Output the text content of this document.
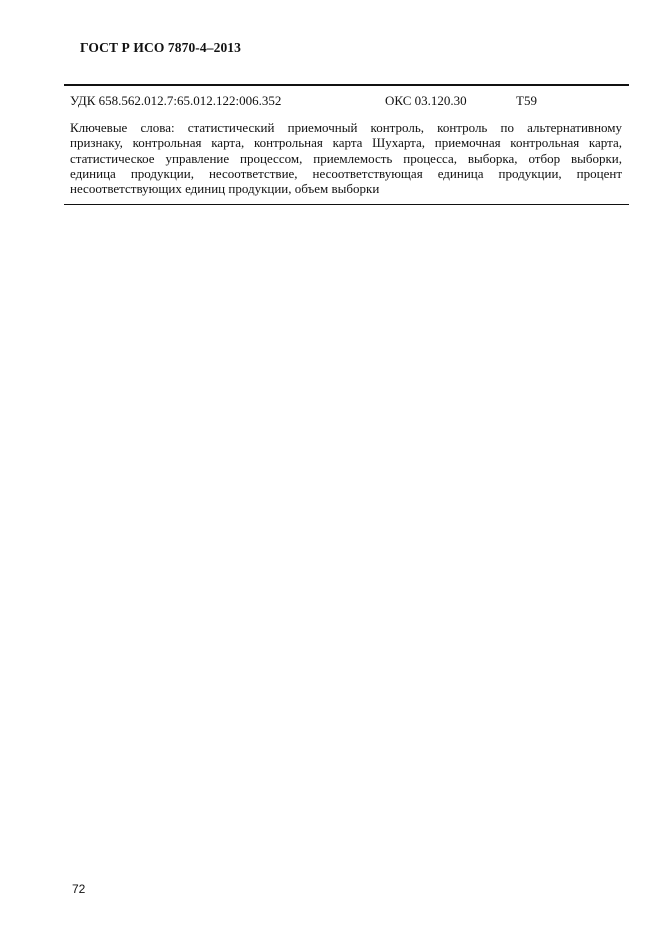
ГОСТ Р ИСО 7870-4–2013
УДК 658.562.012.7:65.012.122:006.352	ОКС 03.120.30	Т59
Ключевые слова: статистический приемочный контроль, контроль по альтернативному
признаку, контрольная карта, контрольная карта Шухарта, приемочная контрольная карта,
статистическое управление процессом, приемлемость процесса, выборка, отбор выборки,
единица продукции, несоответствие, несоответствующая единица продукции, процент
несоответствующих единиц продукции, объем выборки
72
